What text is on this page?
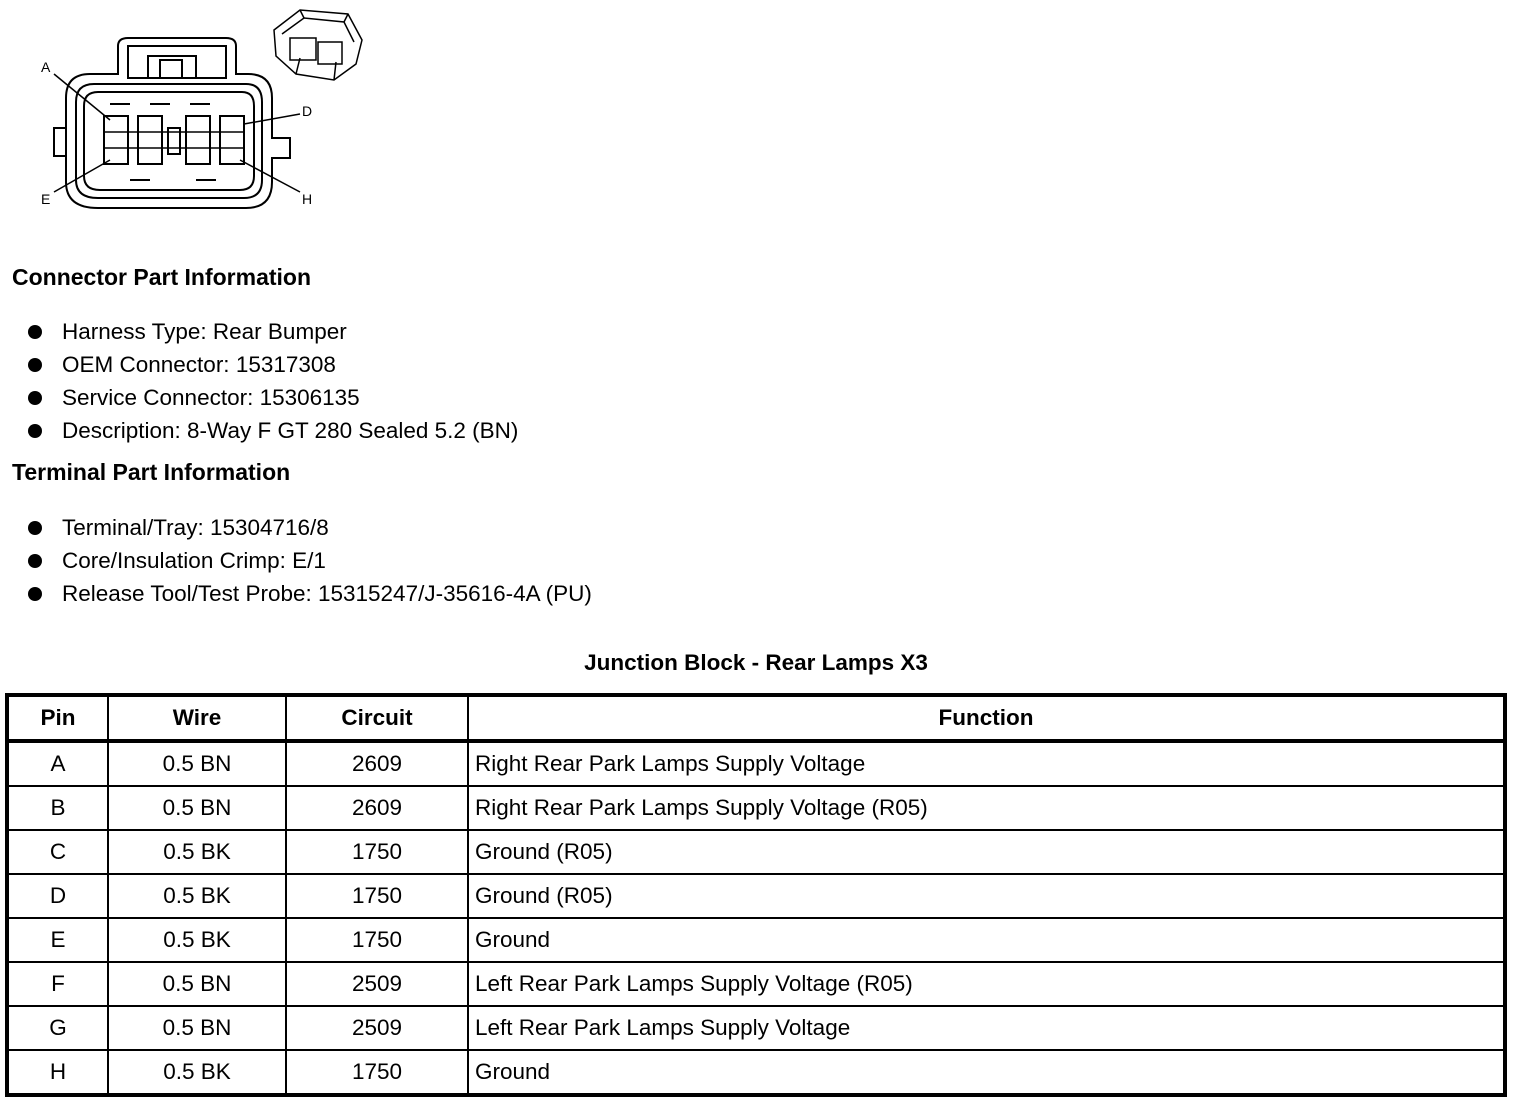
A
D
E	H
Connector Part Information
Harness Type: Rear Bumper
OEM Connector: 15317308
Service Connector: 15306135
Description: 8-Way F GT 280 Sealed 5.2 (BN)
Terminal Part Information
Terminal/Tray: 15304716/8
Core/Insulation Crimp: E/1
Release Tool/Test Probe: 15315247/J-35616-4A (PU)
Junction Block - Rear Lamps X3
Pin	Wire	Circuit	Function
A	0.5 BN	2609	Right Rear Park Lamps Supply Voltage
B	0.5 BN	2609	Right Rear Park Lamps Supply Voltage (R05)
C	0.5 BK	1750	Ground (R05)
D	0.5 BK	1750	Ground (R05)
E	0.5 BK	1750	Ground
F	0.5 BN	2509	Left Rear Park Lamps Supply Voltage (R05)
G	0.5 BN	2509	Left Rear Park Lamps Supply Voltage
H	0.5 BK	1750	Ground
